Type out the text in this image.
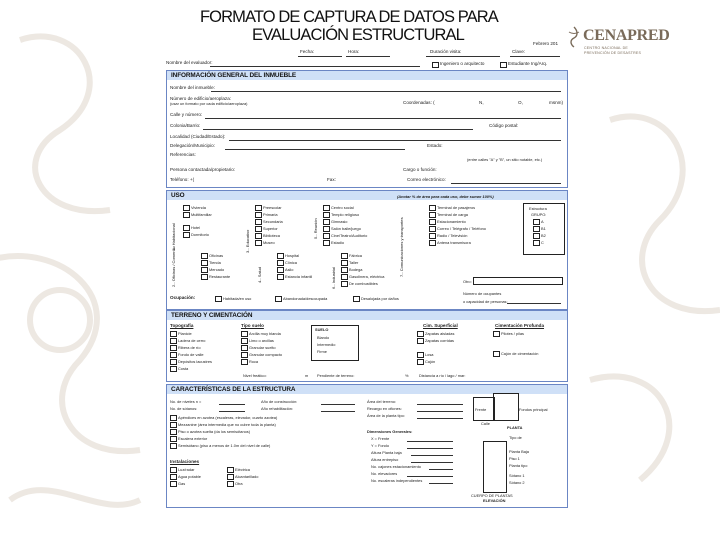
CENAPRED
CENTRO NACIONAL DE
PREVENCIÓN DE DESASTRES
FORMATO DE CAPTURA DE DATOS PARA
EVALUACIÓN ESTRUCTURAL
Fecha:	Hora:	Duración visita:	Clave:
Febrero 201
Nombre del evaluador:	Ingeniero o arquitecto	Estudiante Ing/Arq.
INFORMACIÓN GENERAL DEL INMUEBLE
Nombre del inmueble:
Número de edificio/aeroplaza:
(usar un formato por cada edificio/aeroplaza)	Coordenadas: (	N,	O,	msnm)
Calle y número:
Colonia/Barrio:	Código postal:
Localidad (Ciudad/Estado):
Delegación/Municipio:	Estado:
Referencias:
(entre calles "A" y "B", un sitio notable, etc.)
Persona contactada/propietario:	Cargo o función:
Teléfono: +(	Fax:	Correo electrónico:
USO	(Anotar % de área para cada uso, debe sumar 100%)
1.- Habitacional
Vivienda
Multifamiliar
Hotel
Dormitorio	3.- Educativo
Preescolar
Primaria
Secundaria
Superior
Biblioteca
Museo
5.- Reunión
Centro social
Templo religioso
Gimnasio
Salón baile/juego
Cine/Teatro/Auditorio
Estadio	7.- Comunicaciones y transportes
Terminal de pasajeros
Terminal de carga
Estacionamiento
Correo / Telégrafo / Teléfono
Radio / Televisión
Antena transmisora
Estructura
GRUPO:
A
B1
B2
C
2.- Oficinas / Comercio	Oficinas
Tienda
Mercado
Restaurante	4.- Salud
Hospital
Clínica
Asilo
Estancia infantil	6.- Industrial
Fábrica
Taller
Bodega
Gasolinera, eléctrica
De combustibles	Otro:
Ocupación:	Habitada/en uso	Abandonada/desocupada	Desalojada por daños
Número de ocupantes
o capacidad de personas:
TERRENO Y CIMENTACIÓN
Topografía
Planicie
Ladera de cerro
Ribera de río
Fondo de valle
Depósitos lacustres
Costa
Tipo suelo
Arcilla muy blanda
Limo o arcillas
Granular suelto
Granular compacto
Roca
SUELO
Blando
Intermedio
Firme
Cim. Superficial
Zapatas aisladas
Zapatas corridas
Losa
Cajón
Cimentación Profunda
Pilotes / pilas
Cajón de cimentación
Nivel freático:	m Pendiente de terreno:	%	Distancia a río / lago / mar:
CARACTERÍSTICAS DE LA ESTRUCTURA
No. de niveles n =
No. de sótanos:
Año de construcción:
Año rehabilitación:
Apéndices en azotea (escaleras, elevador, cuarto azotea)
Mezzanine (área intermedia que no cubre toda la planta)
Piso o azotea suelta (da los semisótanos)
Escalera exterior
Semisótano (piso a menos de 1.0m del nivel de calle)
Área del terreno:
Recargo en ofiones:
Área de la planta tipo:
Dimensiones Generales:
X = Frente
Y = Fondo
Altura Planta baja
Altura entrepiso
No. cajones estacionamiento
No. elevadores
No. escaleras independientes
Instalaciones
Luz/radar
Agua potable
Gas
Eléctrica
Alcantarillado
Otra
Frente	Fondos principal
Calle
PLANTA
Tipo de
Planta Baja
Piso 1
Planta tipo
Sótano 1
Sótano 2
CUERPO DE PLANTAS
ELEVACIÓN
